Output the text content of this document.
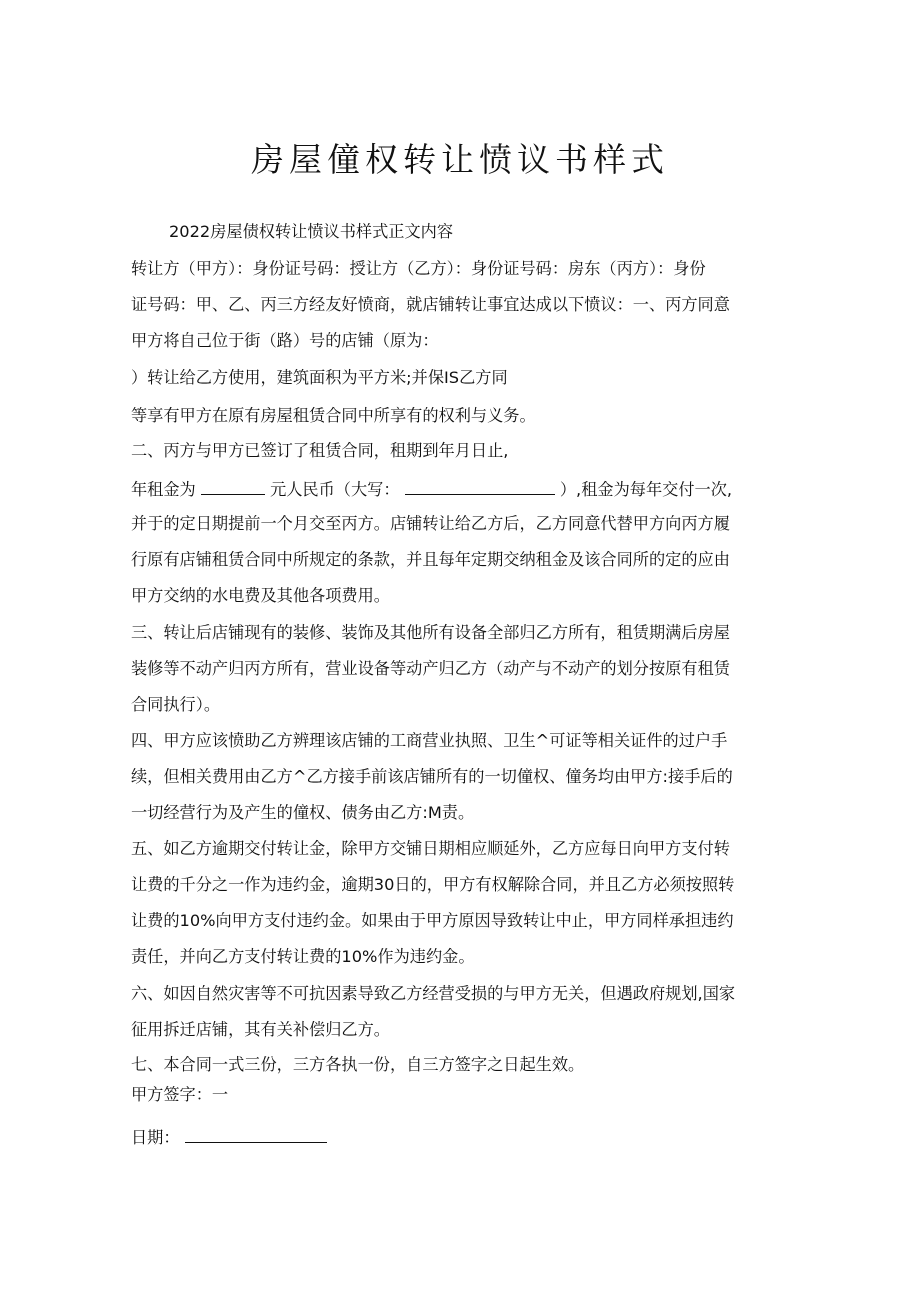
房屋僮权转让愤议书样式
2022房屋债权转让愤议书样式正文内容
转让方（甲方）：身份证号码：授让方（乙方）：身份证号码：房东（丙方）：身份
证号码：甲、乙、丙三方经友好愤商，就店铺转让事宜达成以下愤议：一、丙方同意
甲方将自己位于街（路）号的店铺（原为：
）转让给乙方使用，建筑面积为平方米;并保IS乙方同
等享有甲方在原有房屋租赁合同中所享有的权利与义务。
二、丙方与甲方已签订了租赁合同，租期到年月日止,
年租金为	元人民币（大写：	）,租金为每年交付一次,
并于的定日期提前一个月交至丙方。店铺转让给乙方后，乙方同意代替甲方向丙方履
行原有店铺租赁合同中所规定的条款，并且每年定期交纳租金及该合同所的定的应由
甲方交纳的水电费及其他各项费用。
三、转让后店铺现有的装修、装饰及其他所有设备全部归乙方所有，租赁期满后房屋
装修等不动产归丙方所有，营业设备等动产归乙方（动产与不动产的划分按原有租赁
合同执行）。
四、甲方应该愤助乙方辨理该店铺的工商营业执照、卫生^可证等相关证件的过户手
续，但相关费用由乙方^乙方接手前该店铺所有的一切僮权、僮务均由甲方:接手后的
一切经营行为及产生的僮权、债务由乙方:M责。
五、如乙方逾期交付转让金，除甲方交铺日期相应顺延外，乙方应每日向甲方支付转
让费的千分之一作为违约金，逾期30日的，甲方有权解除合同，并且乙方必须按照转
让费的10%向甲方支付违约金。如果由于甲方原因导致转让中止，甲方同样承担违约
责任，并向乙方支付转让费的10%作为违约金。
六、如因自然灾害等不可抗因素导致乙方经营受损的与甲方无关，但遇政府规划,国家
征用拆迁店铺，其有关补偿归乙方。
七、本合同一式三份，三方各执一份，自三方签字之日起生效。
甲方签字：一
日期：
